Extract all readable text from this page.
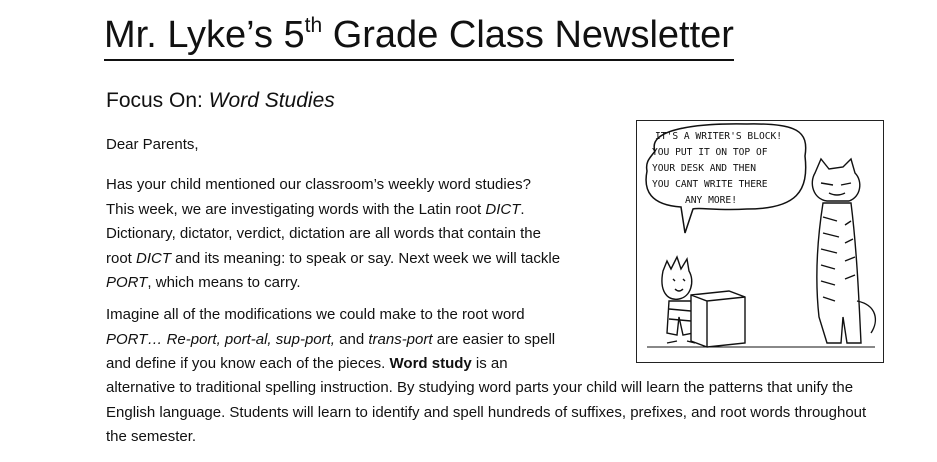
Mr. Lyke’s 5th Grade Class Newsletter
Focus On: Word Studies

Dear Parents,

Has your child mentioned our classroom’s weekly word studies?
This week, we are investigating words with the Latin root DICT.
Dictionary, dictator, verdict, dictation are all words that contain the
root DICT and its meaning: to speak or say. Next week we will tackle
PORT, which means to carry.

Imagine all of the modifications we could make to the root word
PORT… Re-port, port-al, sup-port, and trans-port are easier to spell
and define if you know each of the pieces. Word study is an

alternative to traditional spelling instruction. By studying word parts your child will learn the patterns that unify the English language. Students will learn to identify and spell hundreds of suffixes, prefixes, and root words throughout the semester.

IT'S A WRITER'S BLOCK!
YOU PUT IT ON TOP OF
YOUR DESK AND THEN
YOU CANT WRITE THERE
ANY MORE!
